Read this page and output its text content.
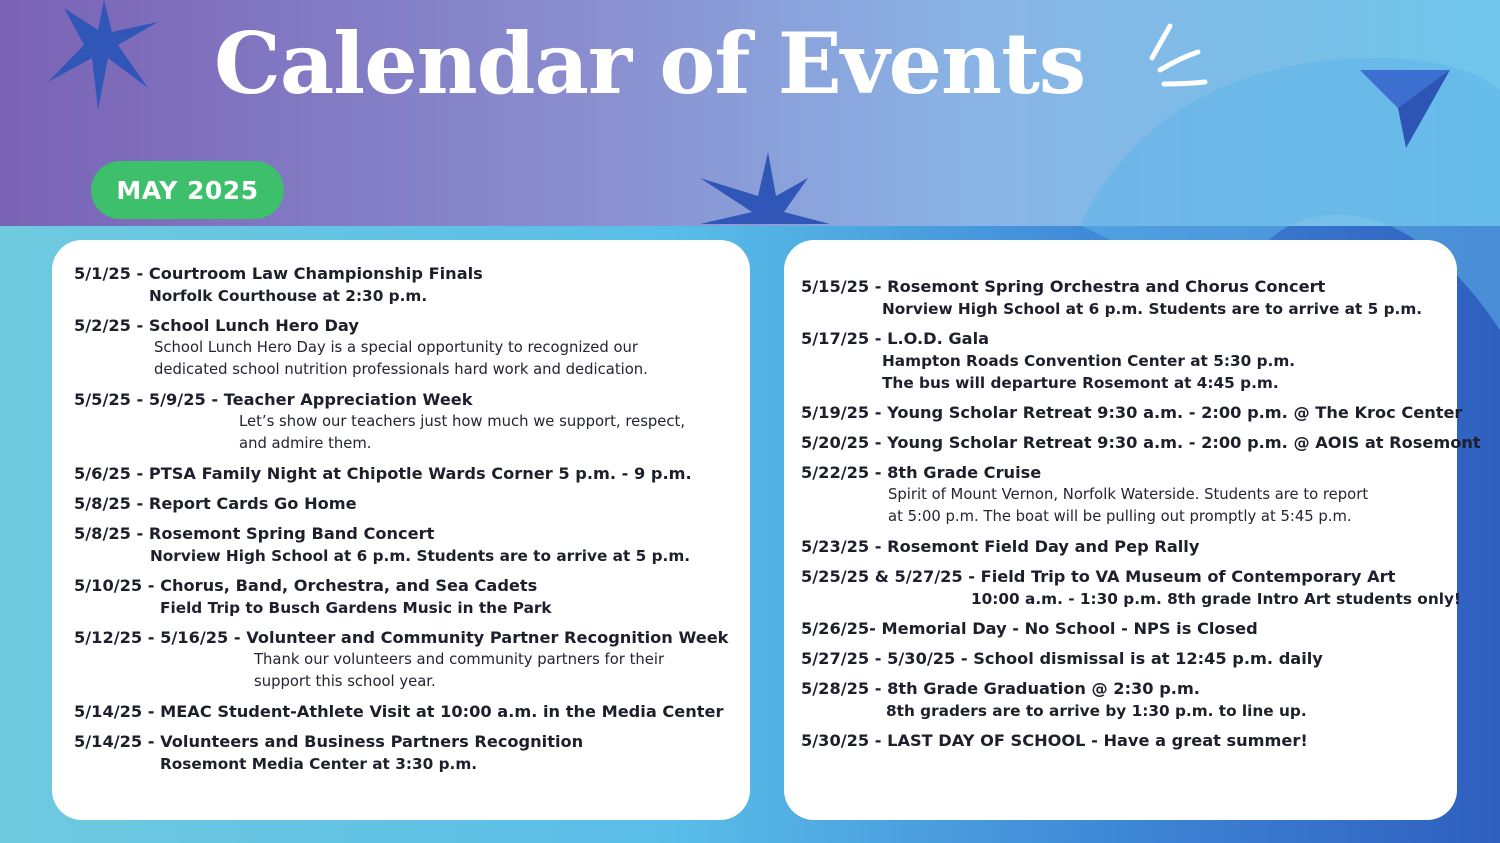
Calendar of Events
MAY 2025
5/1/25 - Courtroom Law Championship Finals
Norfolk Courthouse at 2:30 p.m.
5/2/25 - School Lunch Hero Day
School Lunch Hero Day is a special opportunity to recognized our
dedicated school nutrition professionals hard work and dedication.
5/5/25 - 5/9/25 - Teacher Appreciation Week
Let’s show our teachers just how much we support, respect,
and admire them.
5/6/25 - PTSA Family Night at Chipotle Wards Corner 5 p.m. - 9 p.m.
5/8/25 - Report Cards Go Home
5/8/25 - Rosemont Spring Band Concert
Norview High School at 6 p.m. Students are to arrive at 5 p.m.
5/10/25 - Chorus, Band, Orchestra, and Sea Cadets
Field Trip to Busch Gardens Music in the Park
5/12/25 - 5/16/25 - Volunteer and Community Partner Recognition Week
Thank our volunteers and community partners for their
support this school year.
5/14/25 - MEAC Student-Athlete Visit at 10:00 a.m. in the Media Center
5/14/25 - Volunteers and Business Partners Recognition
Rosemont Media Center at 3:30 p.m.
5/15/25 - Rosemont Spring Orchestra and Chorus Concert
Norview High School at 6 p.m. Students are to arrive at 5 p.m.
5/17/25 - L.O.D. Gala
Hampton Roads Convention Center at 5:30 p.m.
The bus will departure Rosemont at 4:45 p.m.
5/19/25 - Young Scholar Retreat 9:30 a.m. - 2:00 p.m. @ The Kroc Center
5/20/25 - Young Scholar Retreat 9:30 a.m. - 2:00 p.m. @ AOIS at Rosemont
5/22/25 - 8th Grade Cruise
Spirit of Mount Vernon, Norfolk Waterside. Students are to report
at 5:00 p.m. The boat will be pulling out promptly at 5:45 p.m.
5/23/25 - Rosemont Field Day and Pep Rally
5/25/25 & 5/27/25 - Field Trip to VA Museum of Contemporary Art
10:00 a.m. - 1:30 p.m. 8th grade Intro Art students only!
5/26/25- Memorial Day - No School - NPS is Closed
5/27/25 - 5/30/25 - School dismissal is at 12:45 p.m. daily
5/28/25 - 8th Grade Graduation @ 2:30 p.m.
8th graders are to arrive by 1:30 p.m. to line up.
5/30/25 - LAST DAY OF SCHOOL - Have a great summer!
